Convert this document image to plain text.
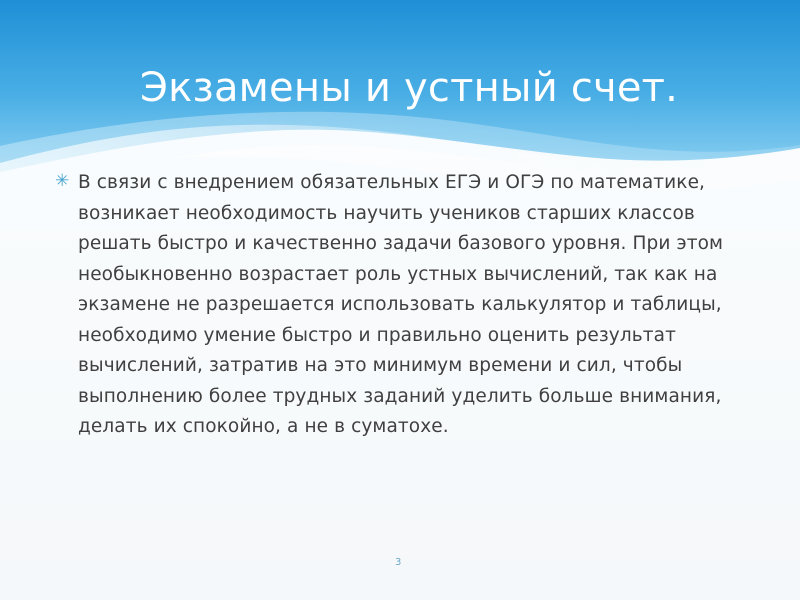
Экзамены и устный счет.
✳ В связи с внедрением обязательных ЕГЭ и ОГЭ по математике, возникает необходимость научить учеников старших классов решать быстро и качественно задачи базового уровня. При этом необыкновенно возрастает роль устных вычислений, так как на экзамене не разрешается использовать калькулятор и таблицы, необходимо умение быстро и правильно оценить результат вычислений, затратив на это минимум времени и сил, чтобы выполнению более трудных заданий уделить больше внимания, делать их спокойно, а не в суматохе.
3
